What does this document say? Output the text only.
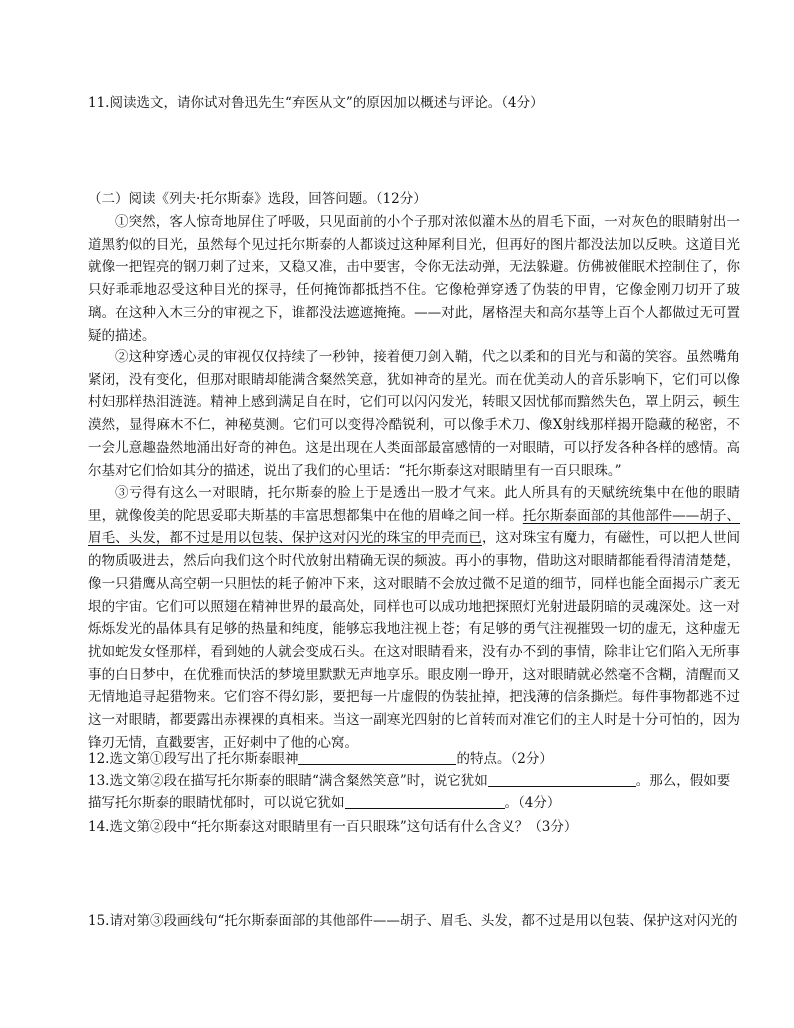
11.阅读选文，请你试对鲁迅先生“弃医从文”的原因加以概述与评论。（4分）

（二）阅读《列夫·托尔斯泰》选段，回答问题。（12分）

①突然，客人惊奇地屏住了呼吸，只见面前的小个子那对浓似灌木丛的眉毛下面，一对灰色的眼睛射出一道黑豹似的目光，虽然每个见过托尔斯泰的人都谈过这种犀利目光，但再好的图片都没法加以反映。这道目光就像一把锃亮的钢刀刺了过来，又稳又准，击中要害，令你无法动弹，无法躲避。仿佛被催眠术控制住了，你只好乖乖地忍受这种目光的探寻，任何掩饰都抵挡不住。它像枪弹穿透了伪装的甲胄，它像金刚刀切开了玻璃。在这种入木三分的审视之下，谁都没法遮遮掩掩。——对此，屠格涅夫和高尔基等上百个人都做过无可置疑的描述。

②这种穿透心灵的审视仅仅持续了一秒钟，接着便刀剑入鞘，代之以柔和的目光与和蔼的笑容。虽然嘴角紧闭，没有变化，但那对眼睛却能满含粲然笑意，犹如神奇的星光。而在优美动人的音乐影响下，它们可以像村妇那样热泪涟涟。精神上感到满足自在时，它们可以闪闪发光，转眼又因忧郁而黯然失色，罩上阴云，顿生漠然，显得麻木不仁，神秘莫测。它们可以变得冷酷锐利，可以像手术刀、像X射线那样揭开隐藏的秘密，不一会儿意趣盎然地涌出好奇的神色。这是出现在人类面部最富感情的一对眼睛，可以抒发各种各样的感情。高尔基对它们恰如其分的描述，说出了我们的心里话：“托尔斯泰这对眼睛里有一百只眼珠。”

③亏得有这么一对眼睛，托尔斯泰的脸上于是透出一股才气来。此人所具有的天赋统统集中在他的眼睛里，就像俊美的陀思妥耶夫斯基的丰富思想都集中在他的眉峰之间一样。托尔斯泰面部的其他部件——胡子、眉毛、头发，都不过是用以包装、保护这对闪光的珠宝的甲壳而已，这对珠宝有魔力，有磁性，可以把人世间的物质吸进去，然后向我们这个时代放射出精确无误的频波。再小的事物，借助这对眼睛都能看得清清楚楚，像一只猎鹰从高空朝一只胆怯的耗子俯冲下来，这对眼睛不会放过微不足道的细节，同样也能全面揭示广袤无垠的宇宙。它们可以照翅在精神世界的最高处，同样也可以成功地把探照灯光射进最阴暗的灵魂深处。这一对烁烁发光的晶体具有足够的热量和纯度，能够忘我地注视上苍；有足够的勇气注视摧毁一切的虚无，这种虚无扰如蛇发女怪那样，看到她的人就会变成石头。在这对眼睛看来，没有办不到的事情，除非让它们陷入无所事事的白日梦中，在优雅而快活的梦境里默默无声地享乐。眼皮刚一睁开，这对眼睛就必然毫不含糊，清醒而又无情地追寻起猎物来。它们容不得幻影，要把每一片虚假的伪装扯掉，把浅薄的信条撕烂。每件事物都逃不过这一对眼睛，都要露出赤裸裸的真相来。当这一副寒光四射的匕首转而对准它们的主人时是十分可怕的，因为锋刃无情，直戳要害，正好刺中了他的心窝。

12.选文第①段写出了托尔斯泰眼神	的特点。（2分）

13.选文第②段在描写托尔斯泰的眼睛“满含粲然笑意”时，说它犹如	。那么，假如要

描写托尔斯泰的眼睛忧郁时，可以说它犹如	。（4分）

14.选文第②段中“托尔斯泰这对眼睛里有一百只眼珠”这句话有什么含义？（3分）

15.请对第③段画线句“托尔斯泰面部的其他部件——胡子、眉毛、头发，都不过是用以包装、保护这对闪光的
